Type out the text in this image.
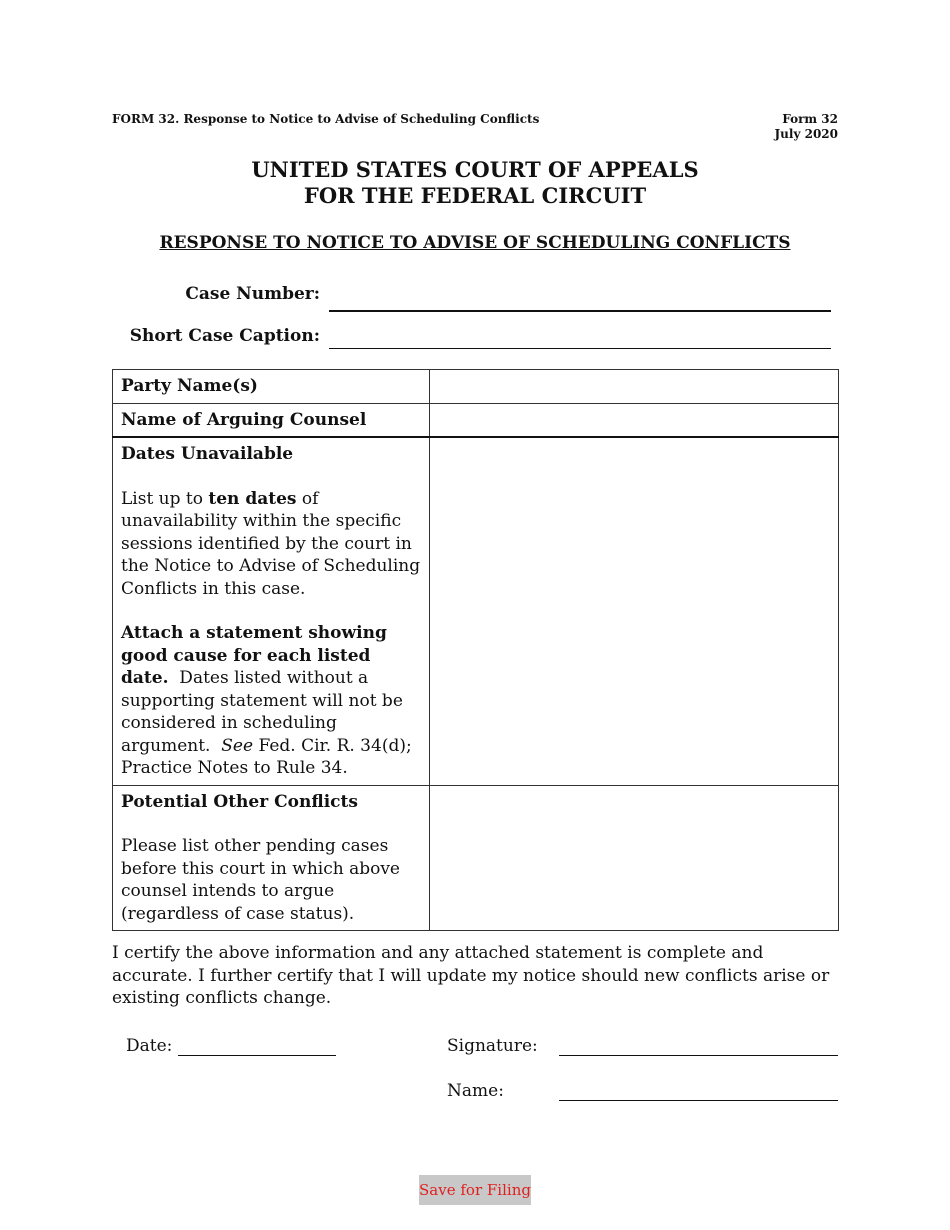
FORM 32. Response to Notice to Advise of Scheduling Conflicts	Form 32
July 2020
UNITED STATES COURT OF APPEALS
FOR THE FEDERAL CIRCUIT
RESPONSE TO NOTICE TO ADVISE OF SCHEDULING CONFLICTS
Case Number:
Short Case Caption:
Party Name(s)	
Name of Arguing Counsel	

Dates Unavailable
List up to ten dates of unavailability within the specific sessions identified by the court in the Notice to Advise of Scheduling Conflicts in this case.
Attach a statement showing good cause for each listed date.  Dates listed without a supporting statement will not be considered in scheduling argument.  See Fed. Cir. R. 34(d); Practice Notes to Rule 34.	

Potential Other Conflicts
Please list other pending cases before this court in which above counsel intends to argue (regardless of case status).	

I certify the above information and any attached statement is complete and accurate. I further certify that I will update my notice should new conflicts arise or existing conflicts change.
Date:	Signature:
Name:
Save for Filing
